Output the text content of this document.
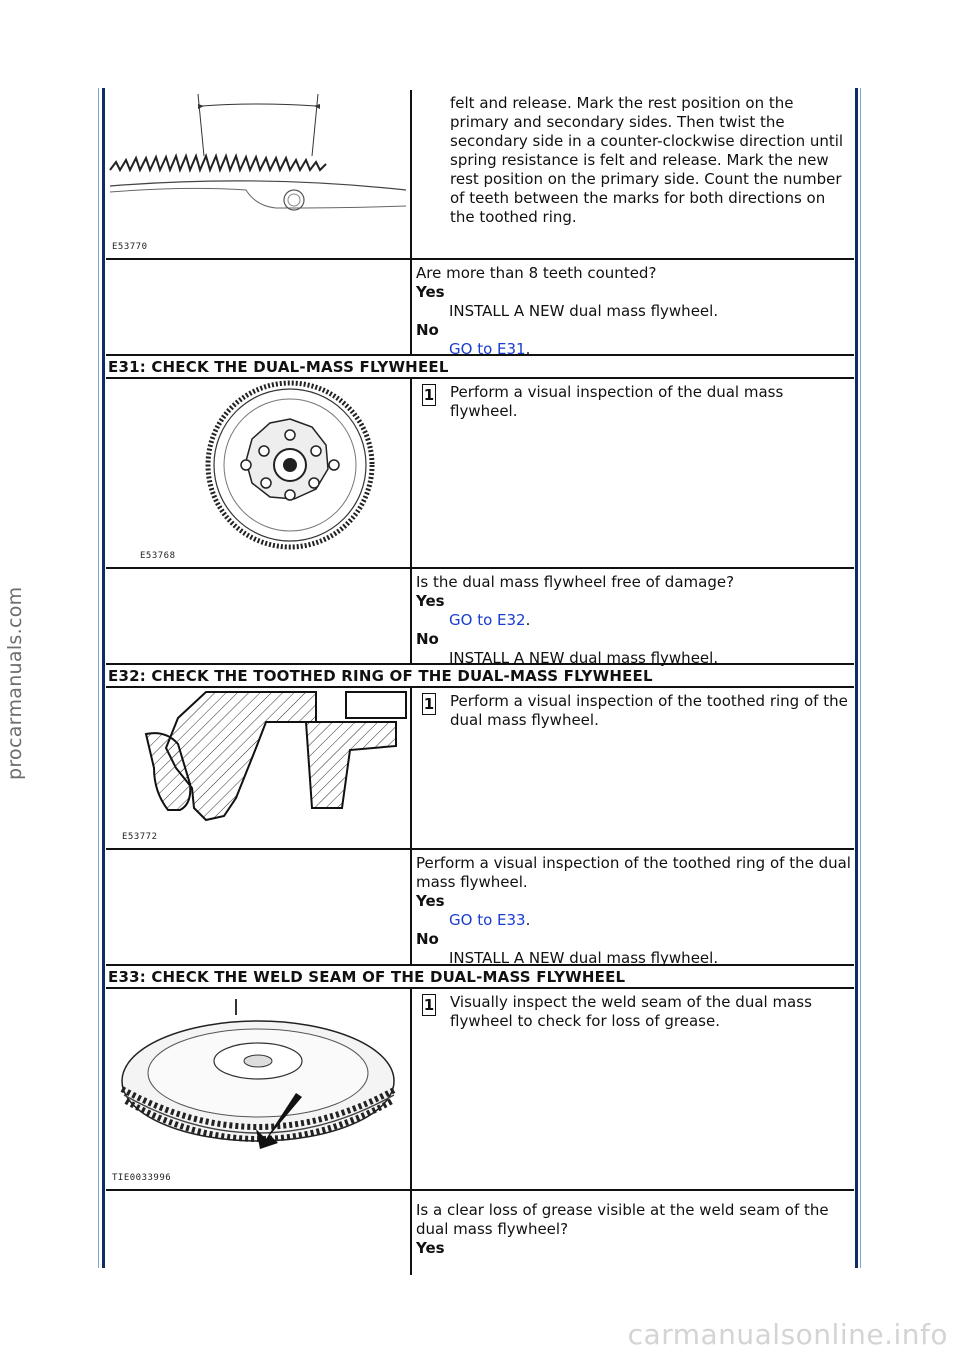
procarmanuals.com
carmanualsonline.info
E53770
felt and release. Mark the rest position on the primary and secondary sides. Then twist the secondary side in a counter-clockwise direction until spring resistance is felt and release. Mark the new rest position on the primary side. Count the number of teeth between the marks for both directions on the toothed ring.
Are more than 8 teeth counted?
Yes
INSTALL A NEW dual mass flywheel.
No
GO to E31.
E31: CHECK THE DUAL-MASS FLYWHEEL
E53768
1 Perform a visual inspection of the dual mass flywheel.
Is the dual mass flywheel free of damage?
Yes
GO to E32.
No
INSTALL A NEW dual mass flywheel.
E32: CHECK THE TOOTHED RING OF THE DUAL-MASS FLYWHEEL
E53772
1 Perform a visual inspection of the toothed ring of the dual mass flywheel.
Perform a visual inspection of the toothed ring of the dual mass flywheel.
Yes
GO to E33.
No
INSTALL A NEW dual mass flywheel.
E33: CHECK THE WELD SEAM OF THE DUAL-MASS FLYWHEEL
TIE0033996
1 Visually inspect the weld seam of the dual mass flywheel to check for loss of grease.
Is a clear loss of grease visible at the weld seam of the dual mass flywheel?
Yes
